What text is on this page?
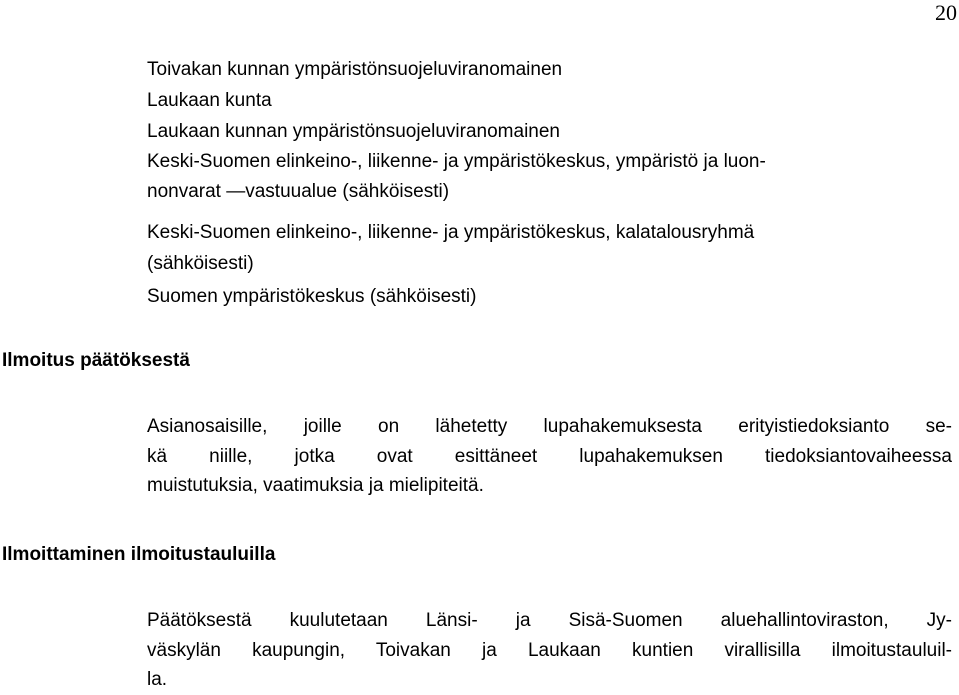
20
Toivakan kunnan ympäristönsuojeluviranomainen
Laukaan kunta
Laukaan kunnan ympäristönsuojeluviranomainen
Keski-Suomen elinkeino-, liikenne- ja ympäristökeskus, ympäristö ja luon-
nonvarat —vastuualue (sähköisesti)
Keski-Suomen elinkeino-, liikenne- ja ympäristökeskus, kalatalousryhmä
(sähköisesti)
Suomen ympäristökeskus (sähköisesti)
Ilmoitus päätöksestä
Asianosaisille, joille on lähetetty lupahakemuksesta erityistiedoksianto se-
kä niille, jotka ovat esittäneet lupahakemuksen tiedoksiantovaiheessa
muistutuksia, vaatimuksia ja mielipiteitä.
Ilmoittaminen ilmoitustauluilla
Päätöksestä kuulutetaan Länsi- ja Sisä-Suomen aluehallintoviraston, Jy-
väskylän kaupungin, Toivakan ja Laukaan kuntien virallisilla ilmoitustauluil-
la.
